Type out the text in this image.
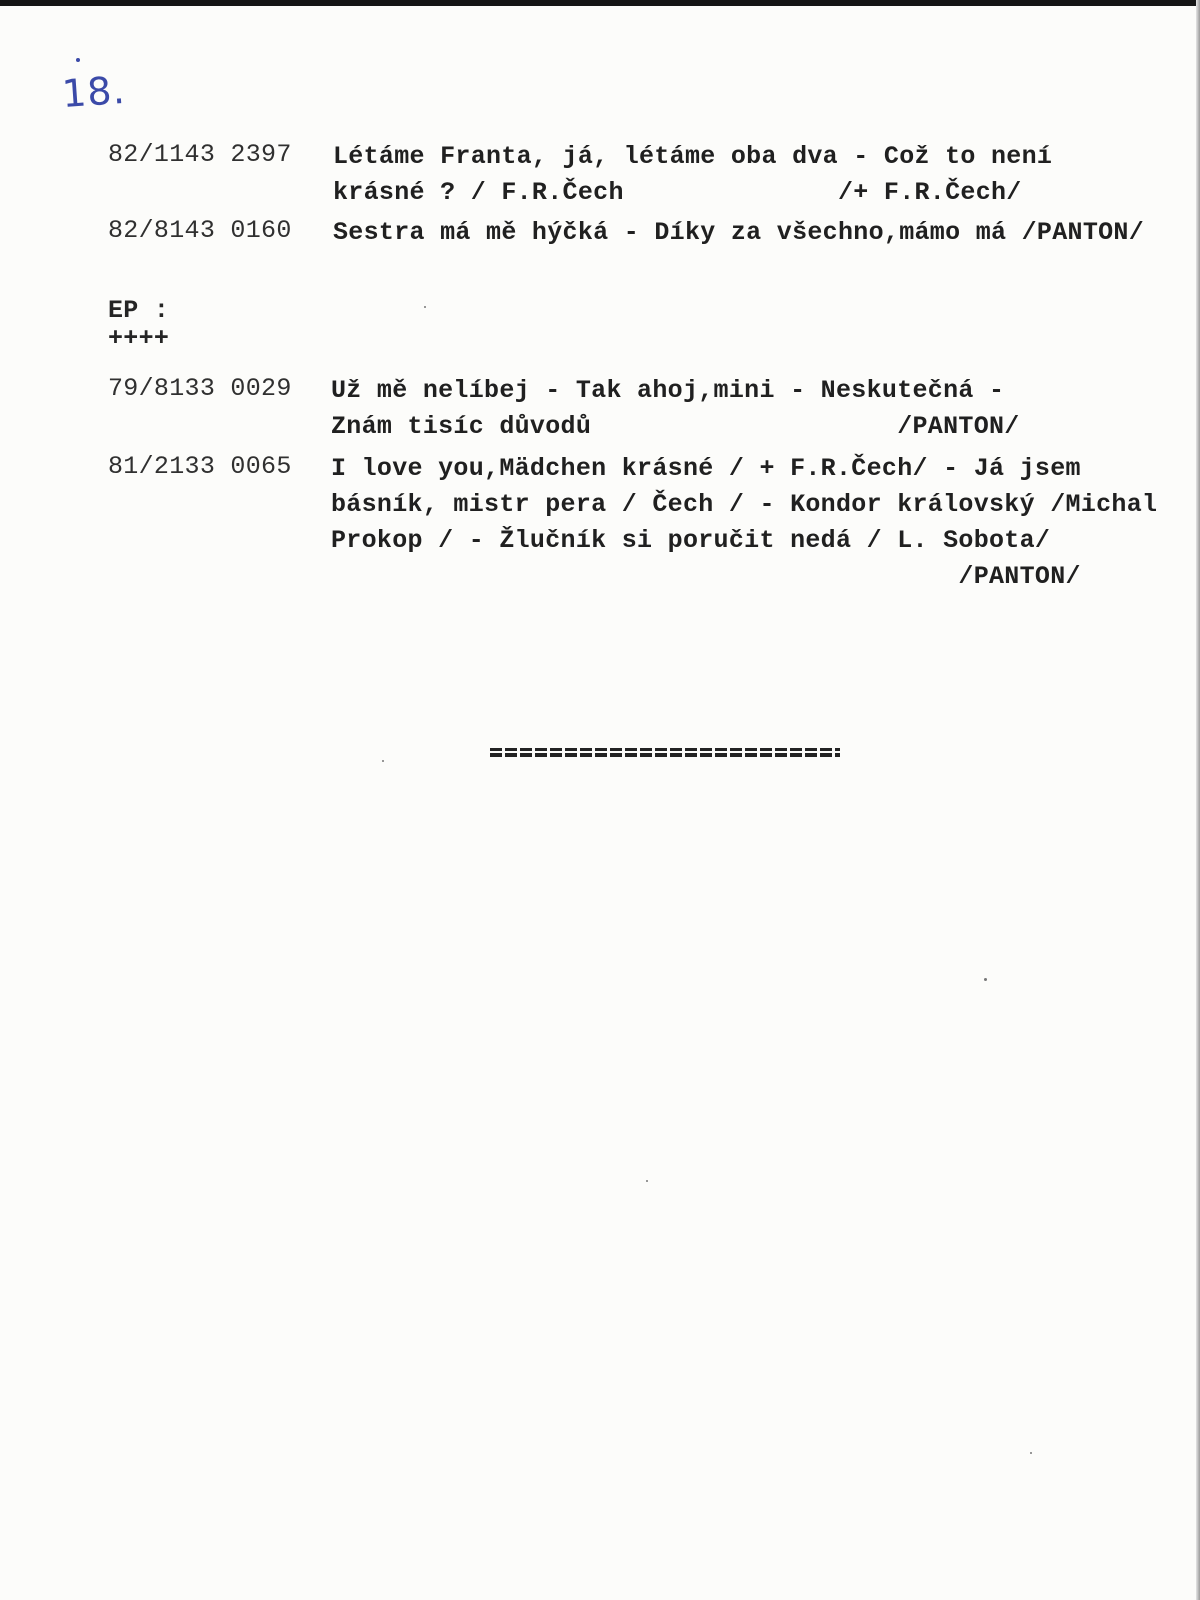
18.
82/1143 2397 Létáme Franta, já, létáme oba dva - Což to není
krásné ? / F.R.Čech              /+ F.R.Čech/
82/8143 0160 Sestra má mě hýčká - Díky za všechno,mámo má /PANTON/
EP :
++++
79/8133 0029 Už mě nelíbej - Tak ahoj,mini - Neskutečná -
Znám tisíc důvodů                    /PANTON/
81/2133 0065 I love you,Mädchen krásné / + F.R.Čech/ - Já jsem
básník, mistr pera / Čech / - Kondor královský /Michal
Prokop / - Žlučník si poručit nedá / L. Sobota/
/PANTON/
